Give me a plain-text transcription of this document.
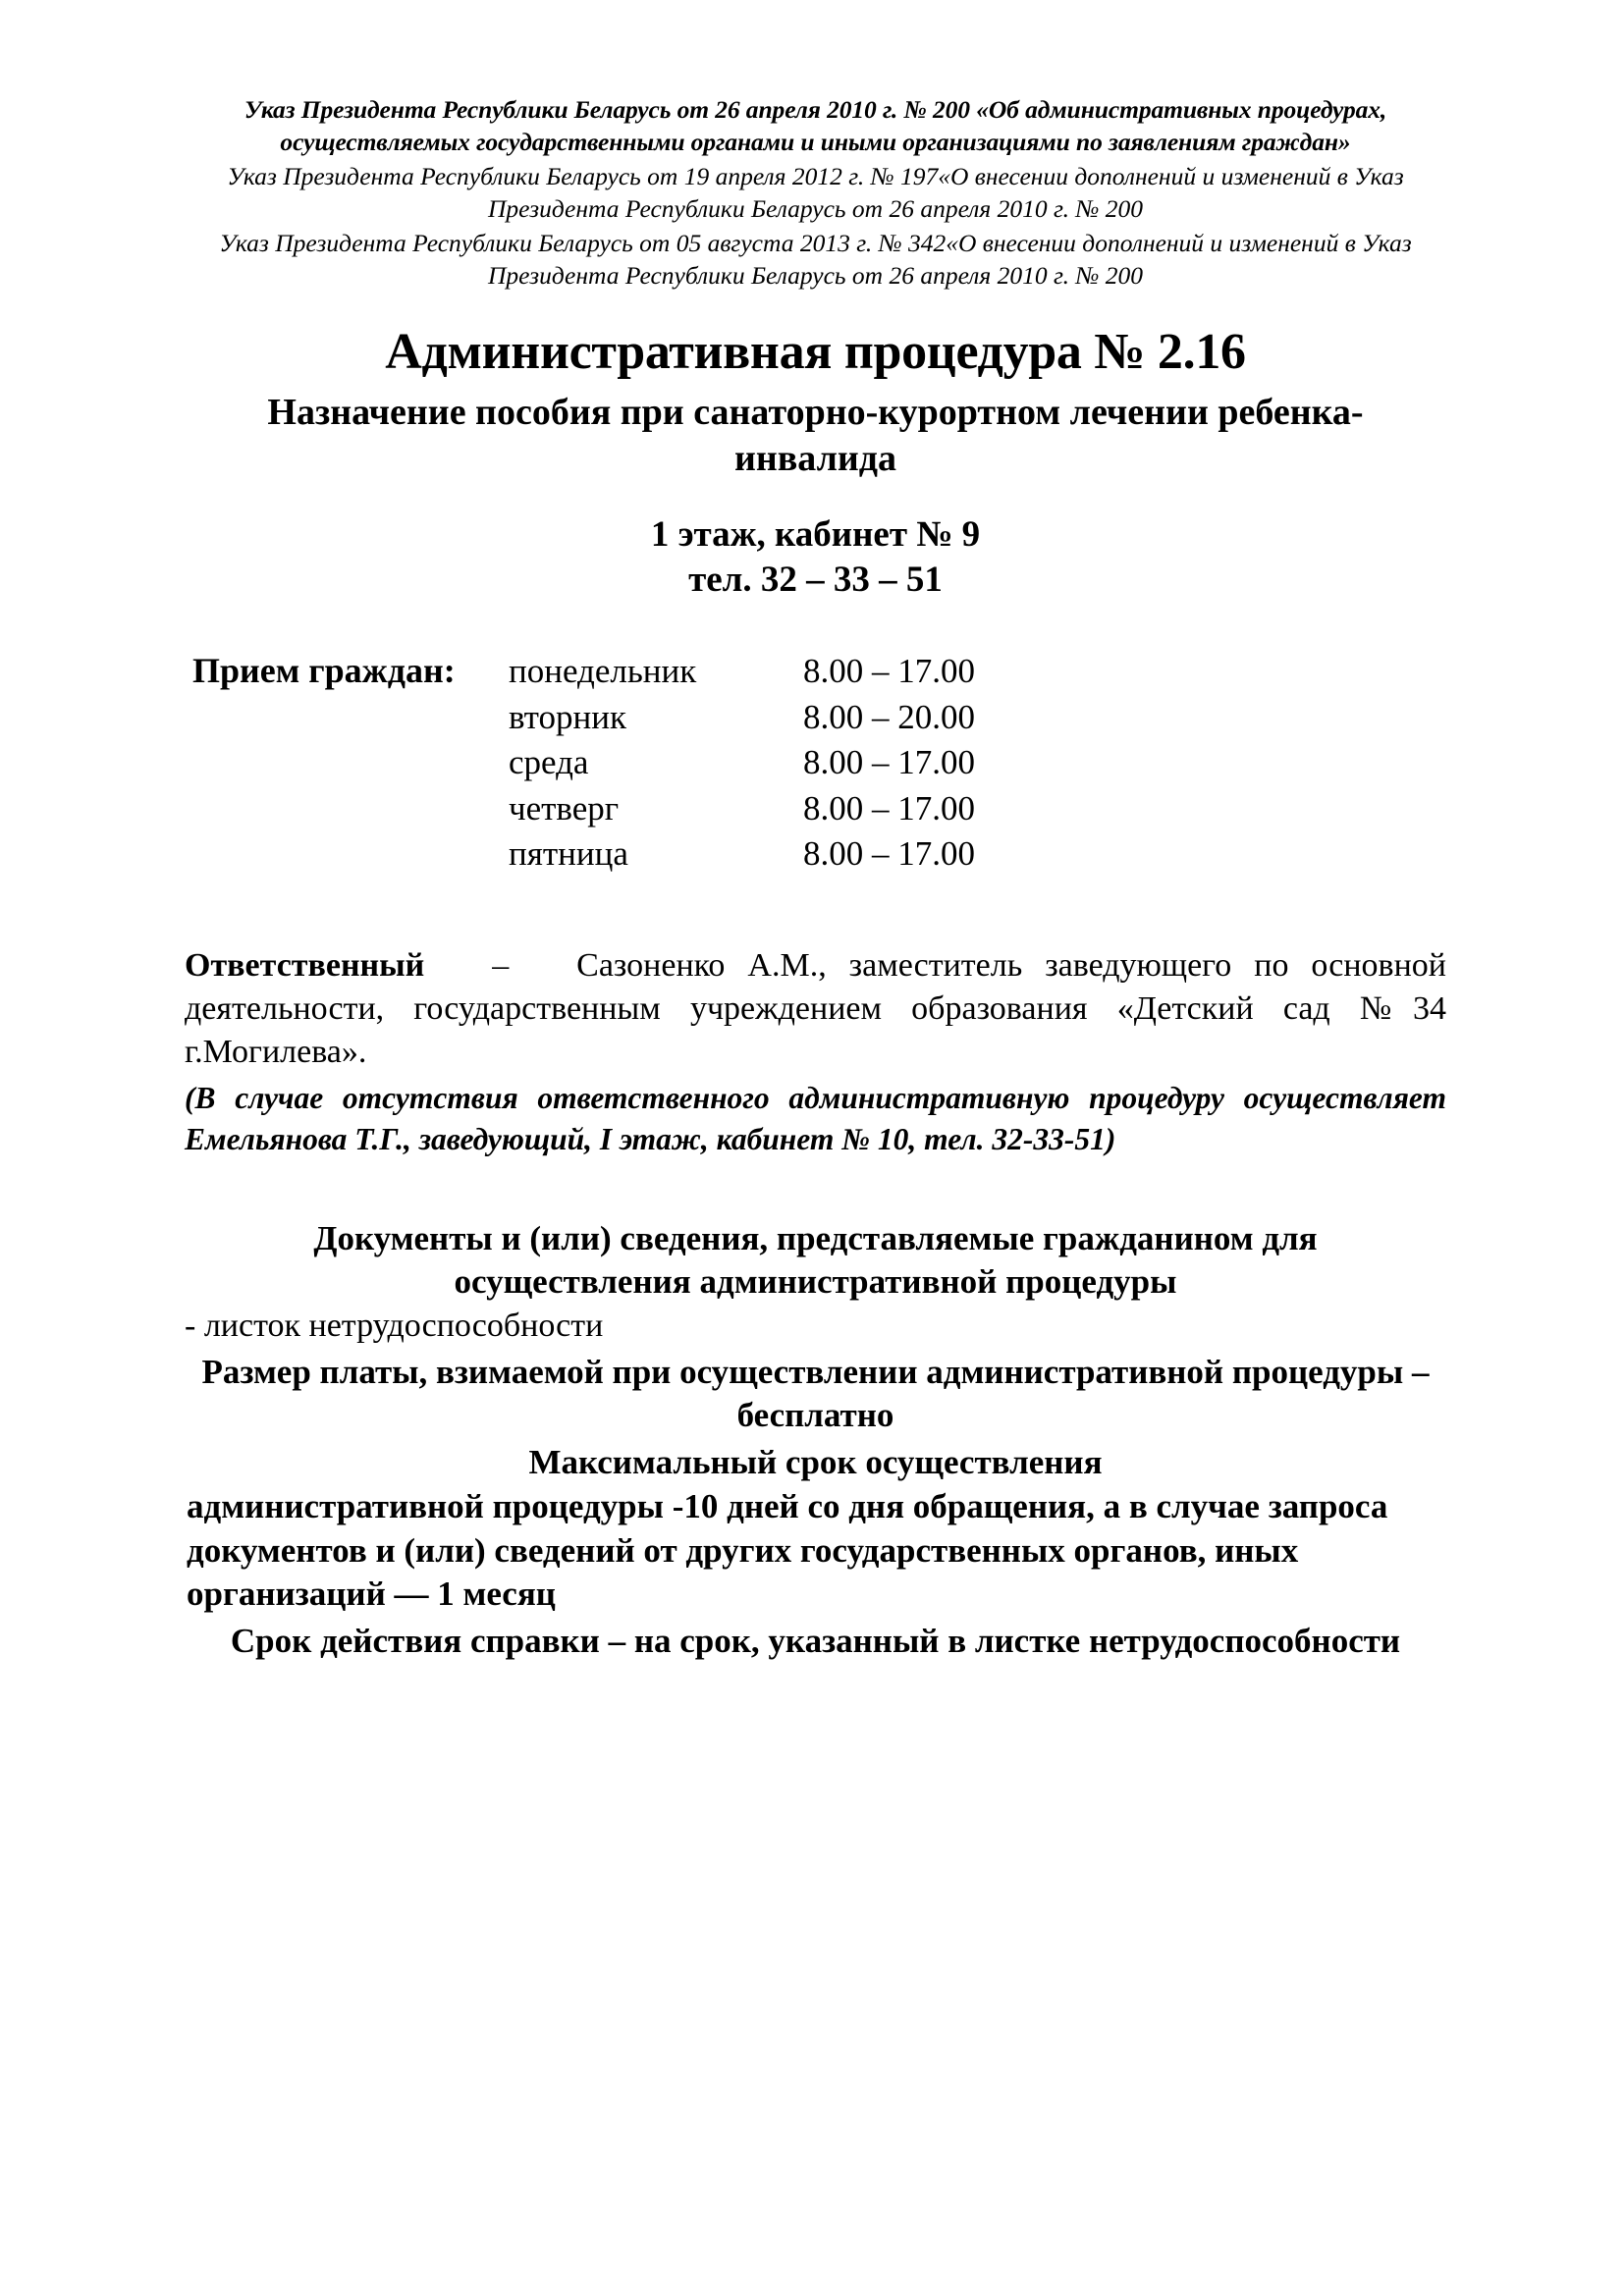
Указ Президента Республики Беларусь от 26 апреля 2010 г. № 200 «Об административных процедурах, осуществляемых государственными органами и иными организациями по заявлениям граждан»

Указ Президента Республики Беларусь от 19 апреля 2012 г. № 197«О внесении дополнений и изменений в Указ Президента Республики Беларусь от 26 апреля 2010 г. № 200

Указ Президента Республики Беларусь от 05 августа 2013 г. № 342«О внесении дополнений и изменений в Указ Президента Республики Беларусь от 26 апреля 2010 г. № 200

Административная процедура № 2.16
Назначение пособия при санаторно-курортном лечении ребенка-инвалида
1 этаж, кабинет № 9
тел. 32 – 33 – 51
Прием граждан:	понедельник	8.00 – 17.00
вторник	8.00 – 20.00
среда	8.00 – 17.00
четверг	8.00 – 17.00
пятница	8.00 – 17.00

Ответственный – Сазоненко А.М., заместитель заведующего по основной деятельности, государственным учреждением образования «Детский сад №34 г.Могилева».

(В случае отсутствия ответственного административную процедуру осуществляет Емельянова Т.Г., заведующий, I этаж, кабинет № 10, тел. 32-33-51)

Документы и (или) сведения, представляемые гражданином для осуществления административной процедуры

- листок нетрудоспособности

Размер платы, взимаемой при осуществлении административной процедуры – бесплатно

Максимальный срок осуществления

административной процедуры -10 дней со дня обращения, а в случае запроса документов и (или) сведений от других государственных органов, иных организаций — 1 месяц

Срок действия справки – на срок, указанный в листке нетрудоспособности
